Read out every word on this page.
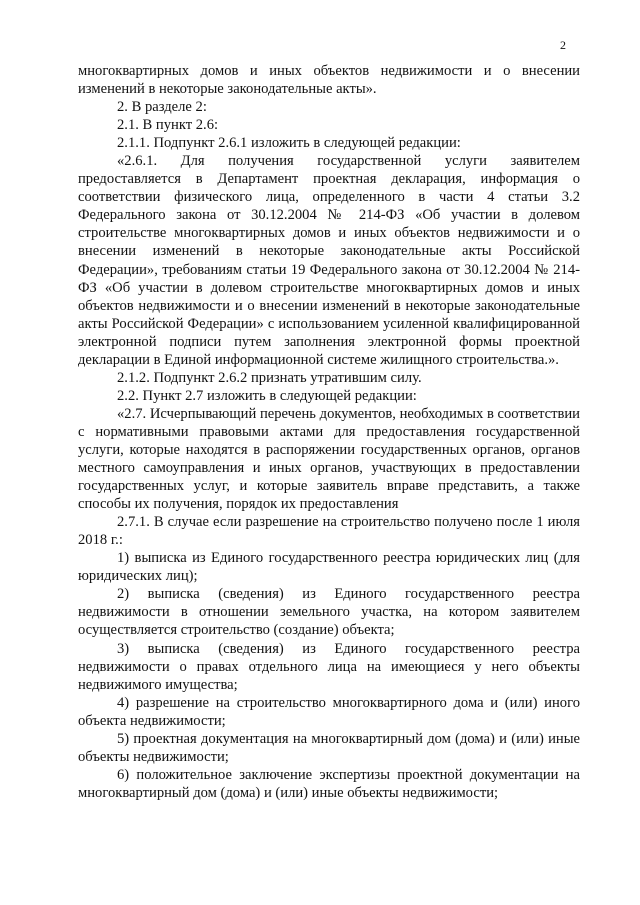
2

многоквартирных домов и иных объектов недвижимости и о внесении изменений в некоторые законодательные акты».

2. В разделе 2:

2.1. В пункт 2.6:

2.1.1. Подпункт 2.6.1 изложить в следующей редакции:

«2.6.1. Для получения государственной услуги заявителем предоставляется в Департамент проектная декларация, информация о соответствии физического лица, определенного в части 4 статьи 3.2 Федерального закона от 30.12.2004 № 214-ФЗ «Об участии в долевом строительстве многоквартирных домов и иных объектов недвижимости и о внесении изменений в некоторые законодательные акты Российской Федерации», требованиям статьи 19 Федерального закона от 30.12.2004 № 214-ФЗ «Об участии в долевом строительстве многоквартирных домов и иных объектов недвижимости и о внесении изменений в некоторые законодательные акты Российской Федерации» с использованием усиленной квалифицированной электронной подписи путем заполнения электронной формы проектной декларации в Единой информационной системе жилищного строительства.».

2.1.2. Подпункт 2.6.2 признать утратившим силу.

2.2. Пункт 2.7 изложить в следующей редакции:

«2.7. Исчерпывающий перечень документов, необходимых в соответствии с нормативными правовыми актами для предоставления государственной услуги, которые находятся в распоряжении государственных органов, органов местного самоуправления и иных органов, участвующих в предоставлении государственных услуг, и которые заявитель вправе представить, а также способы их получения, порядок их предоставления

2.7.1. В случае если разрешение на строительство получено после 1 июля 2018 г.:

1) выписка из Единого государственного реестра юридических лиц (для юридических лиц);

2) выписка (сведения) из Единого государственного реестра недвижимости в отношении земельного участка, на котором заявителем осуществляется строительство (создание) объекта;

3) выписка (сведения) из Единого государственного реестра недвижимости о правах отдельного лица на имеющиеся у него объекты недвижимого имущества;

4) разрешение на строительство многоквартирного дома и (или) иного объекта недвижимости;

5) проектная документация на многоквартирный дом (дома) и (или) иные объекты недвижимости;

6) положительное заключение экспертизы проектной документации на многоквартирный дом (дома) и (или) иные объекты недвижимости;
